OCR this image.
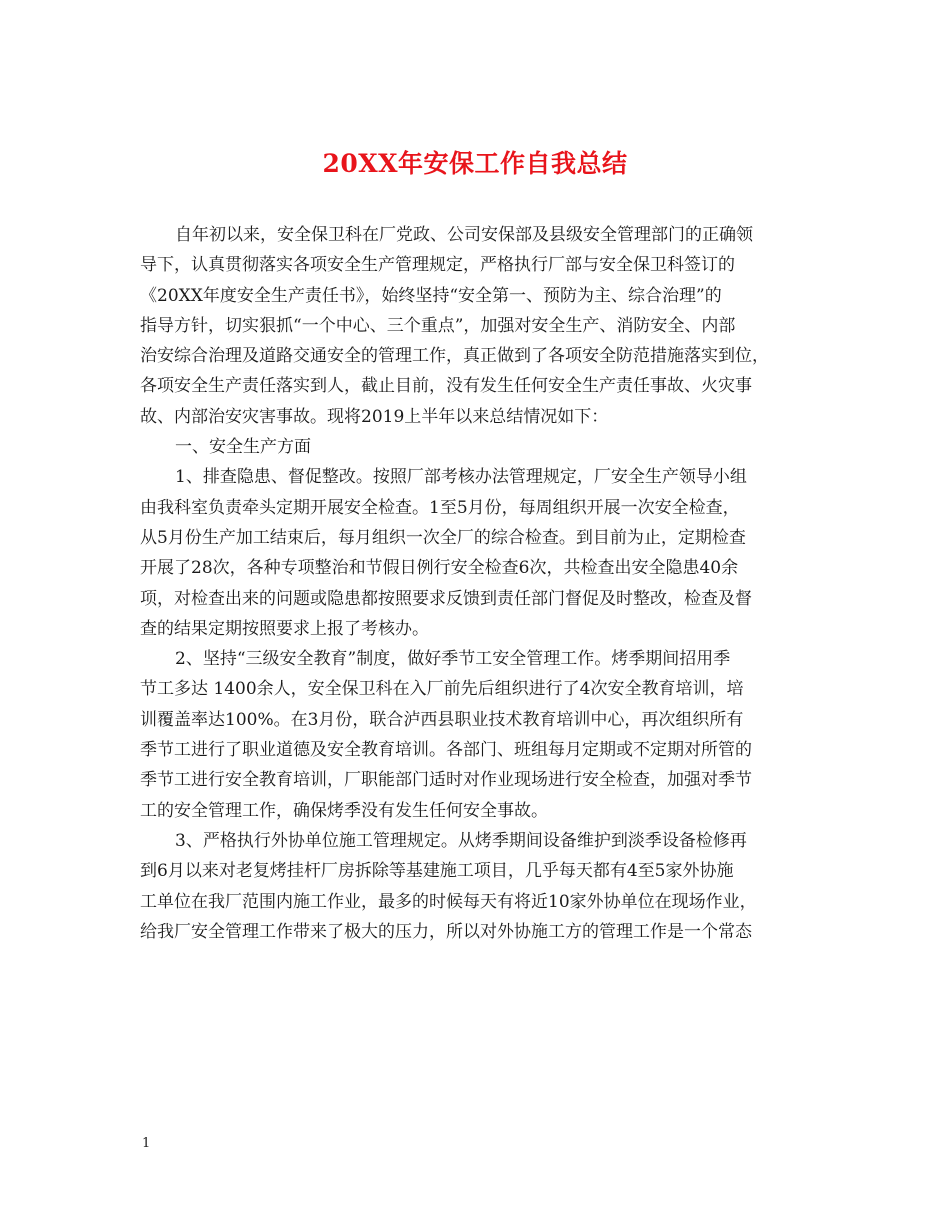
20XX年安保工作自我总结

自年初以来，安全保卫科在厂党政、公司安保部及县级安全管理部门的正确领

导下，认真贯彻落实各项安全生产管理规定，严格执行厂部与安全保卫科签订的

《20XX年度安全生产责任书》，始终坚持“安全第一、预防为主、综合治理”的

指导方针，切实狠抓“一个中心、三个重点”，加强对安全生产、消防安全、内部

治安综合治理及道路交通安全的管理工作，真正做到了各项安全防范措施落实到位，

各项安全生产责任落实到人，截止目前，没有发生任何安全生产责任事故、火灾事

故、内部治安灾害事故。现将2019上半年以来总结情况如下：

一、安全生产方面

1、排查隐患、督促整改。按照厂部考核办法管理规定，厂安全生产领导小组

由我科室负责牵头定期开展安全检查。1至5月份，每周组织开展一次安全检查，

从5月份生产加工结束后，每月组织一次全厂的综合检查。到目前为止，定期检查

开展了28次，各种专项整治和节假日例行安全检查6次，共检查出安全隐患40余

项，对检查出来的问题或隐患都按照要求反馈到责任部门督促及时整改，检查及督

查的结果定期按照要求上报了考核办。

2、坚持“三级安全教育”制度，做好季节工安全管理工作。烤季期间招用季

节工多达 1400余人，安全保卫科在入厂前先后组织进行了4次安全教育培训，培

训覆盖率达100%。在3月份，联合泸西县职业技术教育培训中心，再次组织所有

季节工进行了职业道德及安全教育培训。各部门、班组每月定期或不定期对所管的

季节工进行安全教育培训，厂职能部门适时对作业现场进行安全检查，加强对季节

工的安全管理工作，确保烤季没有发生任何安全事故。

3、严格执行外协单位施工管理规定。从烤季期间设备维护到淡季设备检修再

到6月以来对老复烤挂杆厂房拆除等基建施工项目，几乎每天都有4至5家外协施

工单位在我厂范围内施工作业，最多的时候每天有将近10家外协单位在现场作业，

给我厂安全管理工作带来了极大的压力，所以对外协施工方的管理工作是一个常态

1
